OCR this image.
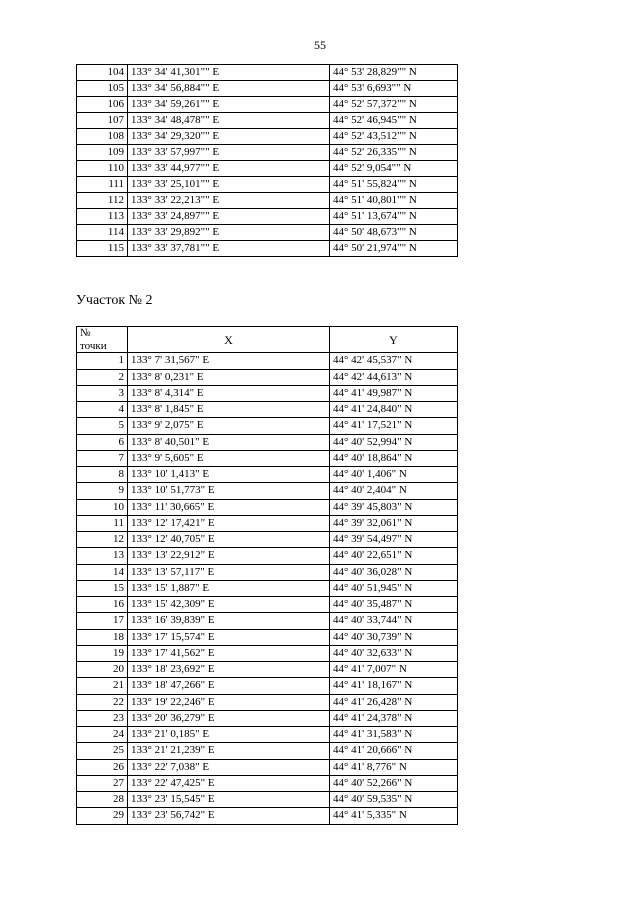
55
104	133° 34' 41,301"" E	44° 53' 28,829"" N
105	133° 34' 56,884"" E	44° 53' 6,693"" N
106	133° 34' 59,261"" E	44° 52' 57,372"" N
107	133° 34' 48,478"" E	44° 52' 46,945"" N
108	133° 34' 29,320"" E	44° 52' 43,512"" N
109	133° 33' 57,997"" E	44° 52' 26,335"" N
110	133° 33' 44,977"" E	44° 52' 9,054"" N
111	133° 33' 25,101"" E	44° 51' 55,824"" N
112	133° 33' 22,213"" E	44° 51' 40,801"" N
113	133° 33' 24,897"" E	44° 51' 13,674"" N
114	133° 33' 29,892"" E	44° 50' 48,673"" N
115	133° 33' 37,781"" E	44° 50' 21,974"" N
Участок № 2
№
точки	X	Y
1	133° 7' 31,567" E	44° 42' 45,537" N
2	133° 8' 0,231" E	44° 42' 44,613" N
3	133° 8' 4,314" E	44° 41' 49,987" N
4	133° 8' 1,845" E	44° 41' 24,840" N
5	133° 9' 2,075" E	44° 41' 17,521" N
6	133° 8' 40,501" E	44° 40' 52,994" N
7	133° 9' 5,605" E	44° 40' 18,864" N
8	133° 10' 1,413" E	44° 40' 1,406" N
9	133° 10' 51,773" E	44° 40' 2,404" N
10	133° 11' 30,665" E	44° 39' 45,803" N
11	133° 12' 17,421" E	44° 39' 32,061" N
12	133° 12' 40,705" E	44° 39' 54,497" N
13	133° 13' 22,912" E	44° 40' 22,651" N
14	133° 13' 57,117" E	44° 40' 36,028" N
15	133° 15' 1,887" E	44° 40' 51,945" N
16	133° 15' 42,309" E	44° 40' 35,487" N
17	133° 16' 39,839" E	44° 40' 33,744" N
18	133° 17' 15,574" E	44° 40' 30,739" N
19	133° 17' 41,562" E	44° 40' 32,633" N
20	133° 18' 23,692" E	44° 41' 7,007" N
21	133° 18' 47,266" E	44° 41' 18,167" N
22	133° 19' 22,246" E	44° 41' 26,428" N
23	133° 20' 36,279" E	44° 41' 24,378" N
24	133° 21' 0,185" E	44° 41' 31,583" N
25	133° 21' 21,239" E	44° 41' 20,666" N
26	133° 22' 7,038" E	44° 41' 8,776" N
27	133° 22' 47,425" E	44° 40' 52,266" N
28	133° 23' 15,545" E	44° 40' 59,535" N
29	133° 23' 56,742" E	44° 41' 5,335" N
